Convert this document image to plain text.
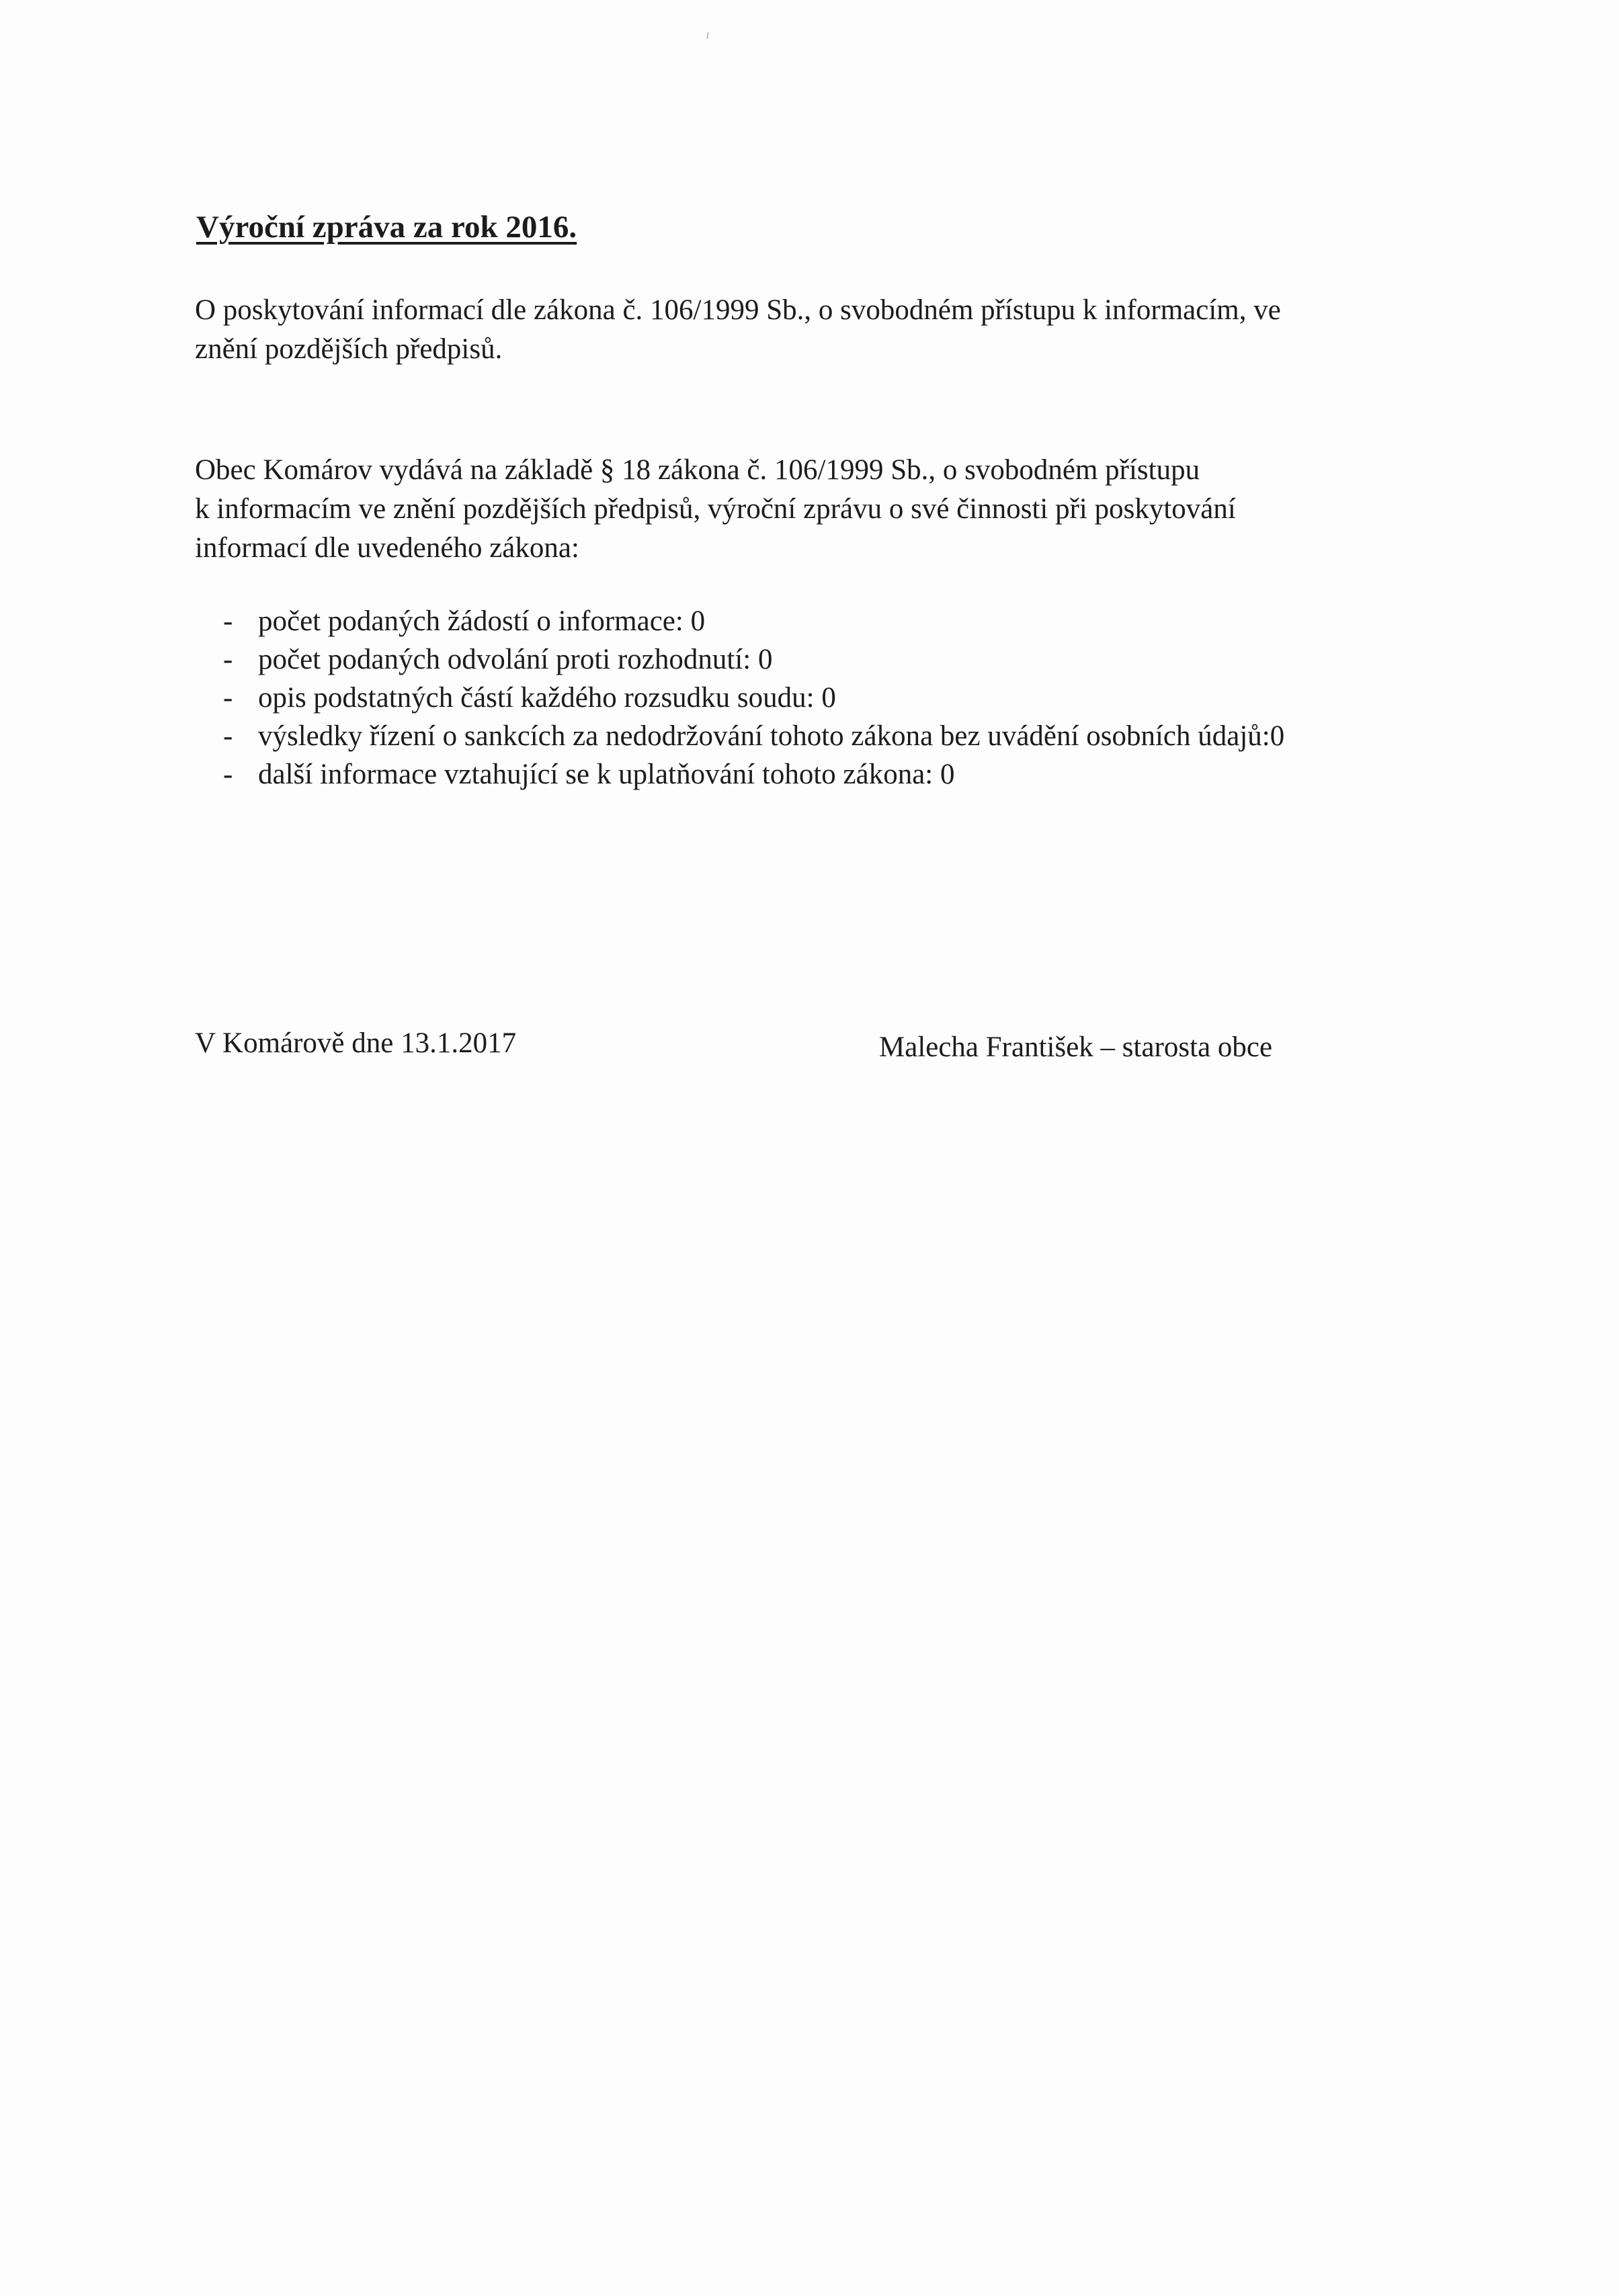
Výroční zpráva za rok 2016.
O poskytování informací dle zákona č. 106/1999 Sb., o svobodném přístupu k informacím, ve
znění pozdějších předpisů.
Obec Komárov vydává na základě § 18 zákona č. 106/1999 Sb., o svobodném přístupu
k informacím ve znění pozdějších předpisů, výroční zprávu o své činnosti při poskytování
informací dle uvedeného zákona:
- počet podaných žádostí o informace: 0
- počet podaných odvolání proti rozhodnutí: 0
- opis podstatných částí každého rozsudku soudu: 0
- výsledky řízení o sankcích za nedodržování tohoto zákona bez uvádění osobních údajů:0
- další informace vztahující se k uplatňování tohoto zákona: 0
V Komárově dne 13.1.2017	Malecha František – starosta obce
